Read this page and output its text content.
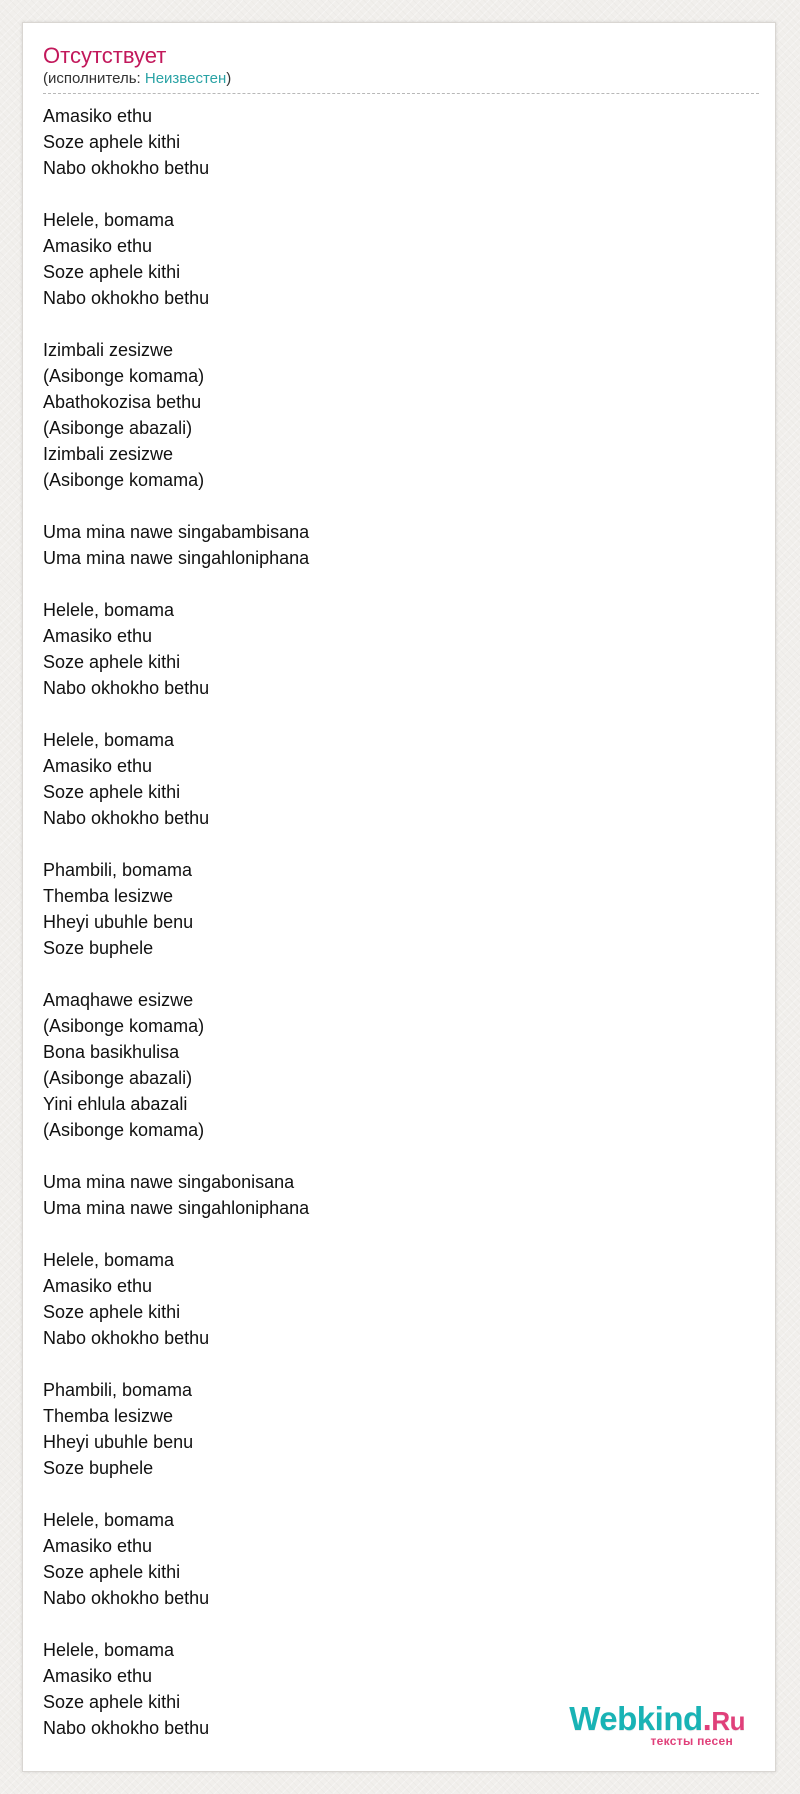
Отсутствует
(исполнитель: Неизвестен)
Amasiko ethu
Soze aphele kithi
Nabo okhokho bethu
Helele, bomama
Amasiko ethu
Soze aphele kithi
Nabo okhokho bethu
Izimbali zesizwe
(Asibonge komama)
Abathokozisa bethu
(Asibonge abazali)
Izimbali zesizwe
(Asibonge komama)
Uma mina nawe singabambisana
Uma mina nawe singahloniphana
Helele, bomama
Amasiko ethu
Soze aphele kithi
Nabo okhokho bethu
Helele, bomama
Amasiko ethu
Soze aphele kithi
Nabo okhokho bethu
Phambili, bomama
Themba lesizwe
Hheyi ubuhle benu
Soze buphele
Amaqhawe esizwe
(Asibonge komama)
Bona basikhulisa
(Asibonge abazali)
Yini ehlula abazali
(Asibonge komama)
Uma mina nawe singabonisana
Uma mina nawe singahloniphana
Helele, bomama
Amasiko ethu
Soze aphele kithi
Nabo okhokho bethu
Phambili, bomama
Themba lesizwe
Hheyi ubuhle benu
Soze buphele
Helele, bomama
Amasiko ethu
Soze aphele kithi
Nabo okhokho bethu
Helele, bomama
Amasiko ethu
Soze aphele kithi
Nabo okhokho bethu	Webkind.Ru
тексты песен
